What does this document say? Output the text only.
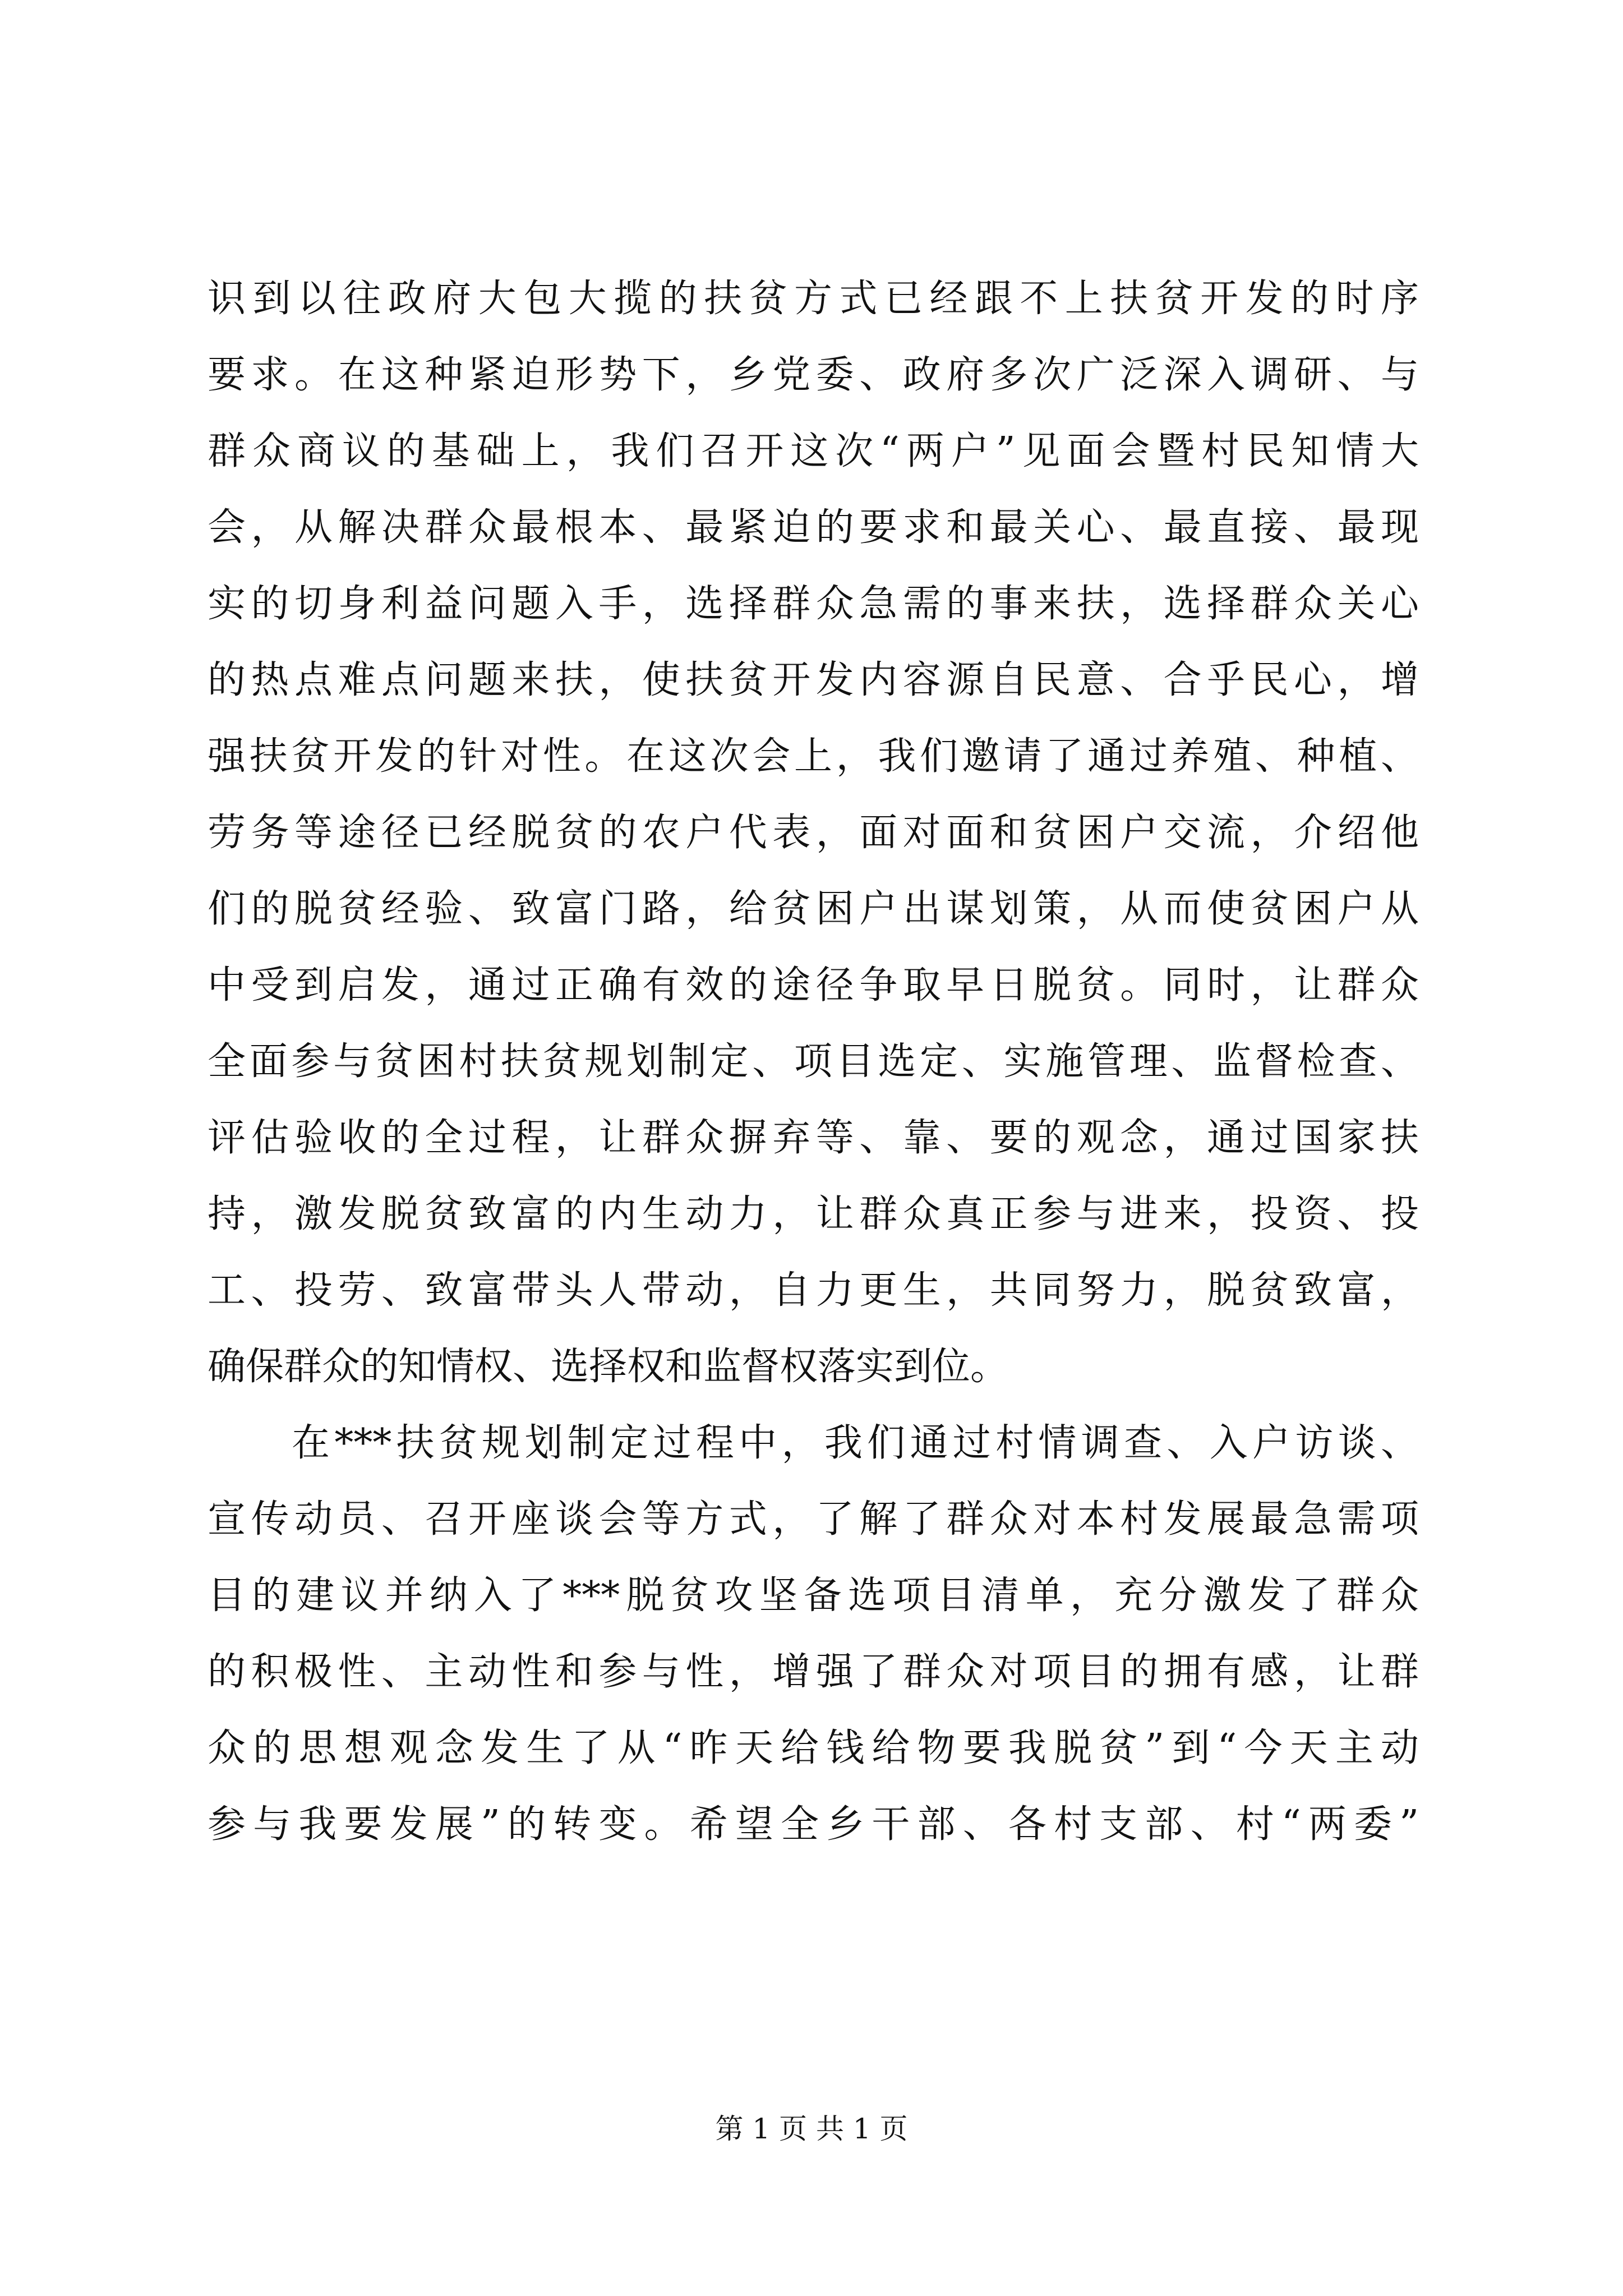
识到以往政府大包大揽的扶贫方式已经跟不上扶贫开发的时序
要求。在这种紧迫形势下，乡党委、政府多次广泛深入调研、与
群众商议的基础上，我们召开这次“两户”见面会暨村民知情大
会，从解决群众最根本、最紧迫的要求和最关心、最直接、最现
实的切身利益问题入手，选择群众急需的事来扶，选择群众关心
的热点难点问题来扶，使扶贫开发内容源自民意、合乎民心，增
强扶贫开发的针对性。在这次会上，我们邀请了通过养殖、种植、
劳务等途径已经脱贫的农户代表，面对面和贫困户交流，介绍他
们的脱贫经验、致富门路，给贫困户出谋划策，从而使贫困户从
中受到启发，通过正确有效的途径争取早日脱贫。同时，让群众
全面参与贫困村扶贫规划制定、项目选定、实施管理、监督检查、
评估验收的全过程，让群众摒弃等、靠、要的观念，通过国家扶
持，激发脱贫致富的内生动力，让群众真正参与进来，投资、投
工、投劳、致富带头人带动，自力更生，共同努力，脱贫致富，
确保群众的知情权、选择权和监督权落实到位。
在***扶贫规划制定过程中，我们通过村情调查、入户访谈、
宣传动员、召开座谈会等方式，了解了群众对本村发展最急需项
目的建议并纳入了***脱贫攻坚备选项目清单，充分激发了群众
的积极性、主动性和参与性，增强了群众对项目的拥有感，让群
众的思想观念发生了从“昨天给钱给物要我脱贫”到“今天主动
参与我要发展”的转变。希望全乡干部、各村支部、村“两委”
第 1 页 共 1 页
